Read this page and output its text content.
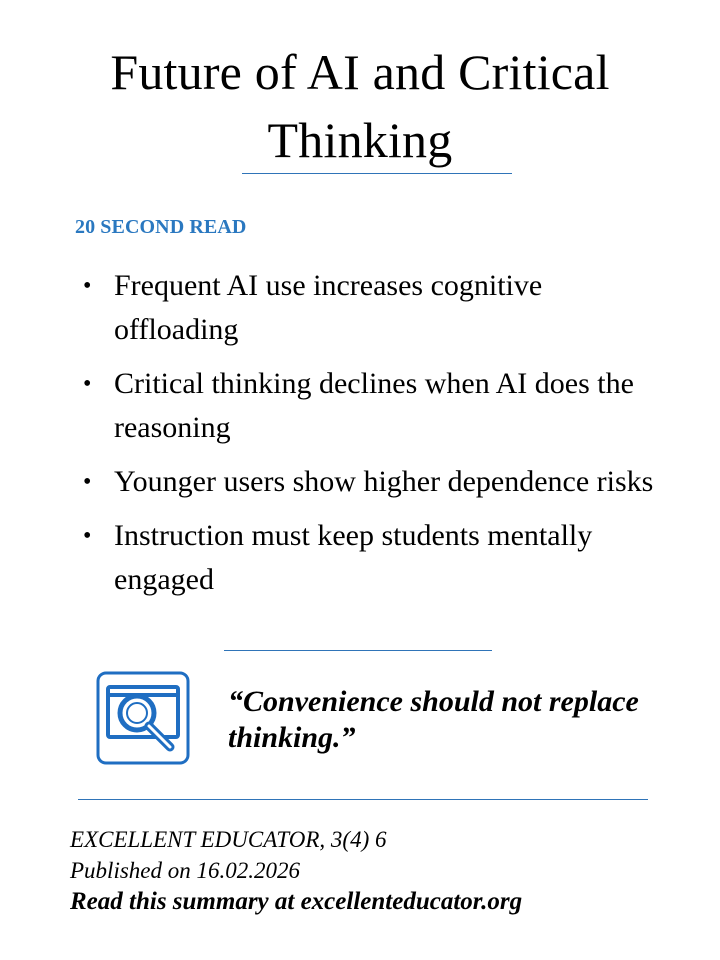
Future of AI and Critical Thinking
20 SECOND READ
• Frequent AI use increases cognitive offloading
• Critical thinking declines when AI does the reasoning
• Younger users show higher dependence risks
• Instruction must keep students mentally engaged
“Convenience should not replace thinking.”
EXCELLENT EDUCATOR, 3(4) 6
Published on 16.02.2026
Read this summary at excellenteducator.org
